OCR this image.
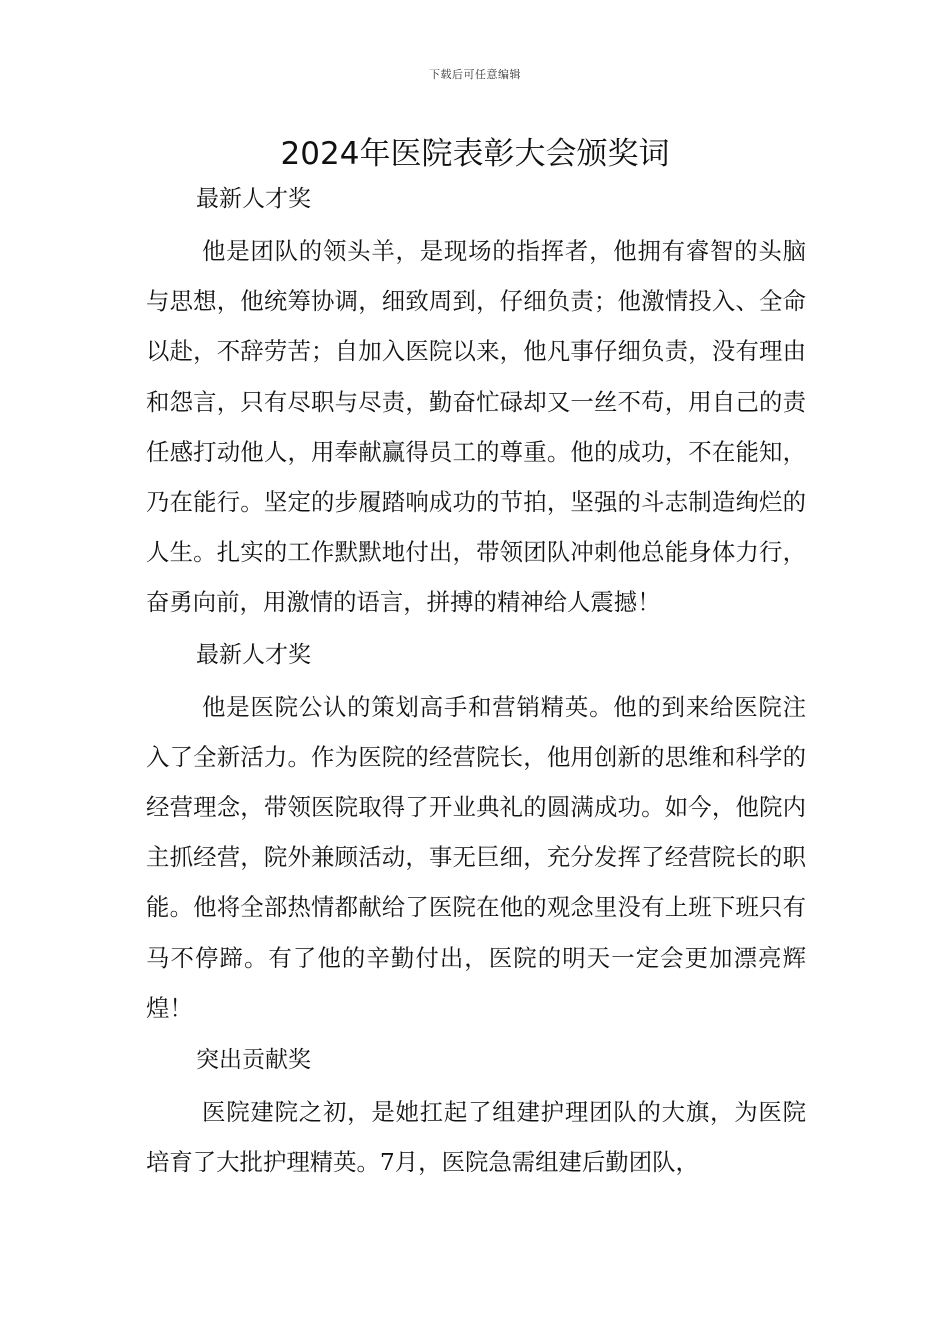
下载后可任意编辑
2024年医院表彰大会颁奖词
最新人才奖

他是团队的领头羊，是现场的指挥者，他拥有睿智的头脑与思想，他统筹协调，细致周到，仔细负责；他激情投入、全命以赴，不辞劳苦；自加入医院以来，他凡事仔细负责，没有理由和怨言，只有尽职与尽责，勤奋忙碌却又一丝不苟，用自己的责任感打动他人，用奉献赢得员工的尊重。他的成功，不在能知，乃在能行。坚定的步履踏响成功的节拍，坚强的斗志制造绚烂的人生。扎实的工作默默地付出，带领团队冲刺他总能身体力行，奋勇向前，用激情的语言，拼搏的精神给人震撼！

最新人才奖

他是医院公认的策划高手和营销精英。他的到来给医院注入了全新活力。作为医院的经营院长，他用创新的思维和科学的经营理念，带领医院取得了开业典礼的圆满成功。如今，他院内主抓经营，院外兼顾活动，事无巨细，充分发挥了经营院长的职能。他将全部热情都献给了医院在他的观念里没有上班下班只有马不停蹄。有了他的辛勤付出，医院的明天一定会更加漂亮辉煌！

突出贡献奖

医院建院之初，是她扛起了组建护理团队的大旗，为医院培育了大批护理精英。7月，医院急需组建后勤团队，
